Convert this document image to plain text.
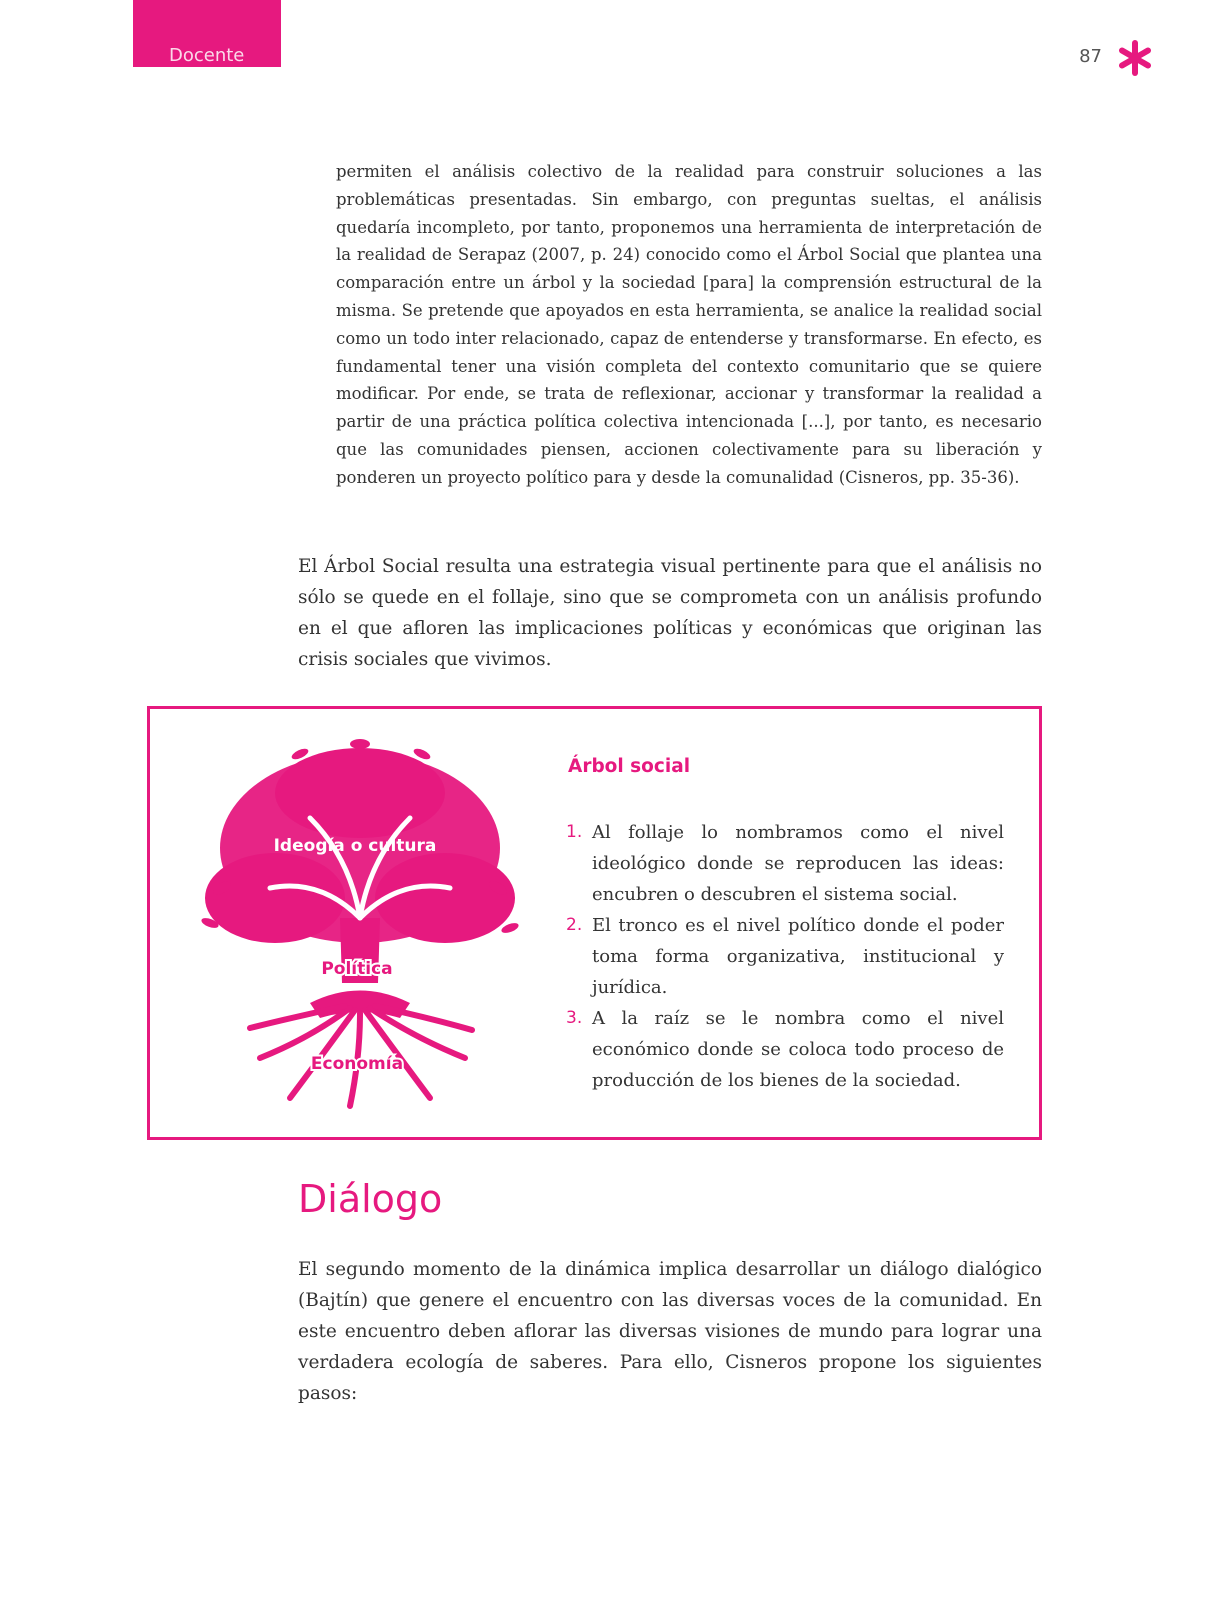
Docente	87

permiten el análisis colectivo de la realidad para construir soluciones a las problemáticas presentadas. Sin embargo, con preguntas sueltas, el análisis quedaría incompleto, por tanto, proponemos una herramienta de interpretación de la realidad de Serapaz (2007, p. 24) conocido como el Árbol Social que plantea una comparación entre un árbol y la sociedad [para] la comprensión estructural de la misma. Se pretende que apoyados en esta herramienta, se analice la realidad social como un todo inter relacionado, capaz de entenderse y transformarse. En efecto, es fundamental tener una visión completa del contexto comunitario que se quiere modificar. Por ende, se trata de reflexionar, accionar y transformar la realidad a partir de una práctica política colectiva intencionada [...], por tanto, es necesario que las comunidades piensen, accionen colectivamente para su liberación y ponderen un proyecto político para y desde la comunalidad (Cisneros, pp. 35-36).

El Árbol Social resulta una estrategia visual pertinente para que el análisis no sólo se quede en el follaje, sino que se comprometa con un análisis profundo en el que afloren las implicaciones políticas y económicas que originan las crisis sociales que vivimos.

Ideogía o cultura
Política
Economía
Árbol social
1. Al follaje lo nombramos como el nivel ideológico donde se reproducen las ideas: encubren o descubren el sistema social.
2. El tronco es el nivel político donde el poder toma forma organizativa, institucional y jurídica.
3. A la raíz se le nombra como el nivel económico donde se coloca todo proceso de producción de los bienes de la sociedad.
Diálogo

El segundo momento de la dinámica implica desarrollar un diálogo dialógico (Bajtín) que genere el encuentro con las diversas voces de la comunidad. En este encuentro deben aflorar las diversas visiones de mundo para lograr una verdadera ecología de saberes. Para ello, Cisneros propone los siguientes pasos:
